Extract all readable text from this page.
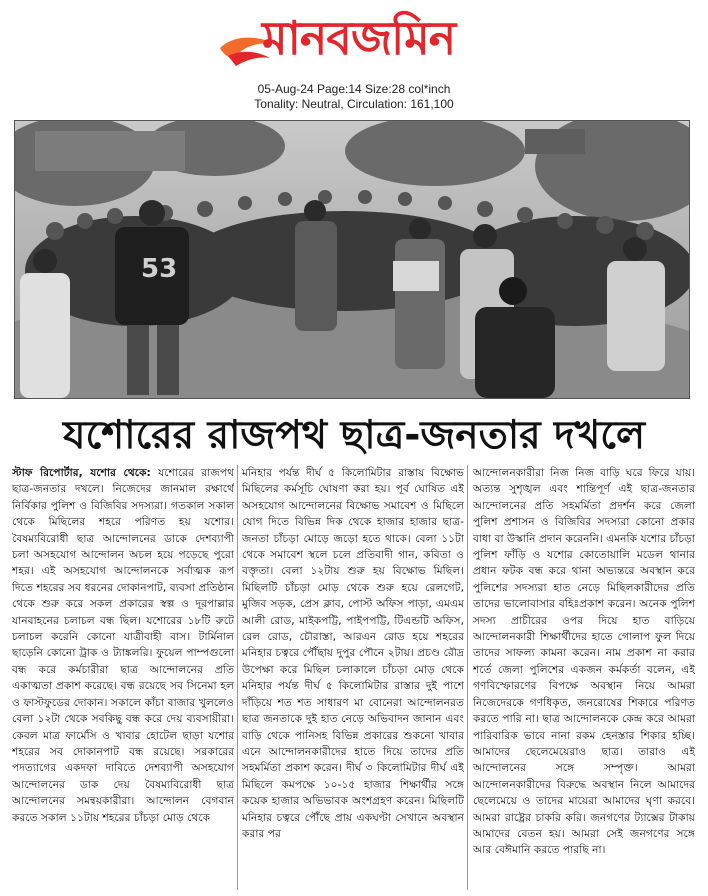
মানবজমিন
05-Aug-24 Page:14 Size:28 col*inch
Tonality: Neutral, Circulation: 161,100
53
যশোরের রাজপথ ছাত্র-জনতার দখলে

স্টাফ রিপোর্টার, যশোর থেকে: যশোরের রাজপথ ছাত্র-জনতার দখলে। নিজেদের জানমাল রক্ষার্থে নির্বিকার পুলিশ ও বিজিবির সদস্যরা। গতকাল সকাল থেকে মিছিলের শহরে পরিণত হয় যশোর। বৈষম্যবিরোধী ছাত্র আন্দোলনের ডাকে দেশব্যাপী চলা অসহযোগ আন্দোলন অচল হয়ে পড়েছে পুরো শহর। এই অসহযোগ আন্দোলনকে সর্বাত্মক রূপ দিতে শহরের সব ধরনের দোকানপাট, ব্যবসা প্রতিষ্ঠান থেকে শুরু করে সকল প্রকারের স্বল্প ও দূরপাল্লার যানবাহনের চলাচল বন্ধ ছিল। যশোরের ১৮টি রুটে চলাচল করেনি কোনো যাত্রীবাহী বাস। টার্মিনাল ছাড়েনি কোনো ট্রাক ও ট্যাঙ্কলরি। ফুয়েল পাম্পগুলো বন্ধ করে কর্মচারীরা ছাত্র আন্দোলনের প্রতি একাত্মতা প্রকাশ করেছে। বন্ধ রয়েছে সব সিনেমা হল ও ফাস্টফুডের দোকান। সকালে কাঁচা বাজার খুললেও বেলা ১২টা থেকে সবকিছু বন্ধ করে দেয় ব্যবসায়ীরা। কেবল মাত্র ফার্মেসি ও খাবার হোটেল ছাড়া যশোর শহরের সব দোকানপাট বন্ধ রয়েছে। সরকারের পদত্যাগের একদফা দাবিতে দেশব্যাপী অসহযোগ আন্দোলনের ডাক দেয় বৈষম্যবিরোধী ছাত্র আন্দোলনের সমন্বয়কারীরা। আন্দোলন বেগবান করতে সকাল ১১টায় শহরের চাঁচড়া মোড় থেকে

মনিহার পর্যন্ত দীর্ঘ ৫ কিলোমিটার রাস্তায় বিক্ষোভ মিছিলের কর্মসূচি ঘোষণা করা হয়। পূর্ব ঘোষিত এই অসহযোগ আন্দোলনের বিক্ষোভ সমাবেশ ও মিছিলে যোগ দিতে বিভিন্ন দিক থেকে হাজার হাজার ছাত্র-জনতা চাঁচড়া মোড়ে জড়ো হতে থাকে। বেলা ১১টা থেকে সমাবেশ স্থলে চলে প্রতিবাদী গান, কবিতা ও বক্তৃতা। বেলা ১২টায় শুরু হয় বিক্ষোভ মিছিল। মিছিলটি চাঁচড়া মোড় থেকে শুরু হয়ে রেলগেট, মুজিব সড়ক, প্রেস ক্লাব, পোস্ট অফিস পাড়া, এমএম আলী রোড, মাইকপট্টি, পাইপপট্টি, টিএন্ডটি অফিস, রেল রোড, চৌরাস্তা, আরএন রোড হয়ে শহরের মনিহার চত্বরে পৌঁছায় দুপুর পৌনে ২টায়। প্রচণ্ড রৌদ্র উপেক্ষা করে মিছিল চলাকালে চাঁচড়া মোড় থেকে মনিহার পর্যন্ত দীর্ঘ ৫ কিলোমিটার রাস্তার দুই পাশে দাঁড়িয়ে শত শত সাধারণ মা বোনেরা আন্দোলনরত ছাত্র জনতাকে দুই হাত নেড়ে অভিবাদন জানান এবং বাড়ি থেকে পানিসহ বিভিন্ন প্রকারের শুকনো খাবার এনে আন্দোলনকারীদের হাতে দিয়ে তাদের প্রতি সহমর্মিতা প্রকাশ করেন। দীর্ঘ ৩ কিলোমিটার দীর্ঘ এই মিছিলে কমপক্ষে ১০-১৫ হাজার শিক্ষার্থীর সঙ্গে কয়েক হাজার অভিভাবক অংশগ্রহণ করেন। মিছিলটি মনিহার চত্বরে পৌঁছে প্রায় একঘণ্টা সেখানে অবস্থান করার পর

আন্দোলনকারীরা নিজ নিজ বাড়ি ঘরে ফিরে যায়। অত্যন্ত সুশৃঙ্খল এবং শান্তিপূর্ণ এই ছাত্র-জনতার আন্দোলনের প্রতি সহমর্মিতা প্রদর্শন করে জেলা পুলিশ প্রশাসন ও বিজিবির সদস্যরা কোনো প্রকার বাধা বা উস্কানি প্রদান করেননি। এমনকি যশোর চাঁচড়া পুলিশ ফাঁড়ি ও যশোর কোতোয়ালি মডেল থানার প্রধান ফটক বন্ধ করে থানা অভ্যন্তরে অবস্থান করে পুলিশের সদস্যরা হাত নেড়ে মিছিলকারীদের প্রতি তাদের ভালোবাসার বহিঃপ্রকাশ করেন। অনেক পুলিশ সদস্য প্রাচীরের ওপর দিয়ে হাত বাড়িয়ে আন্দোলনকারী শিক্ষার্থীদের হাতে গোলাপ ফুল দিয়ে তাদের সাফল্য কামনা করেন। নাম প্রকাশ না করার শর্তে জেলা পুলিশের একজন কর্মকর্তা বলেন, এই গণবিস্ফোরণের বিপক্ষে অবস্থান নিয়ে আমরা নিজেদেরকে গণধিকৃত, জনরোষের শিকারে পরিণত করতে পারি না। ছাত্র আন্দোলনকে কেন্দ্র করে আমরা পারিবারিক ভাবে নানা রকম হেনস্তার শিকার হচ্ছি। আমাদের ছেলেমেয়েরাও ছাত্র। তারাও এই আন্দোলনের সঙ্গে সম্পৃক্ত। আমরা আন্দোলনকারীদের বিরুদ্ধে অবস্থান নিলে আমাদের ছেলেমেয়ে ও তাদের মায়েরা আমাদের ঘৃণা করবে। আমরা রাষ্ট্রের চাকরি করি। জনগণের ট্যাক্সের টাকায় আমাদের বেতন হয়। আমরা সেই জনগণের সঙ্গে আর বেঈমানি করতে পারছি না।
